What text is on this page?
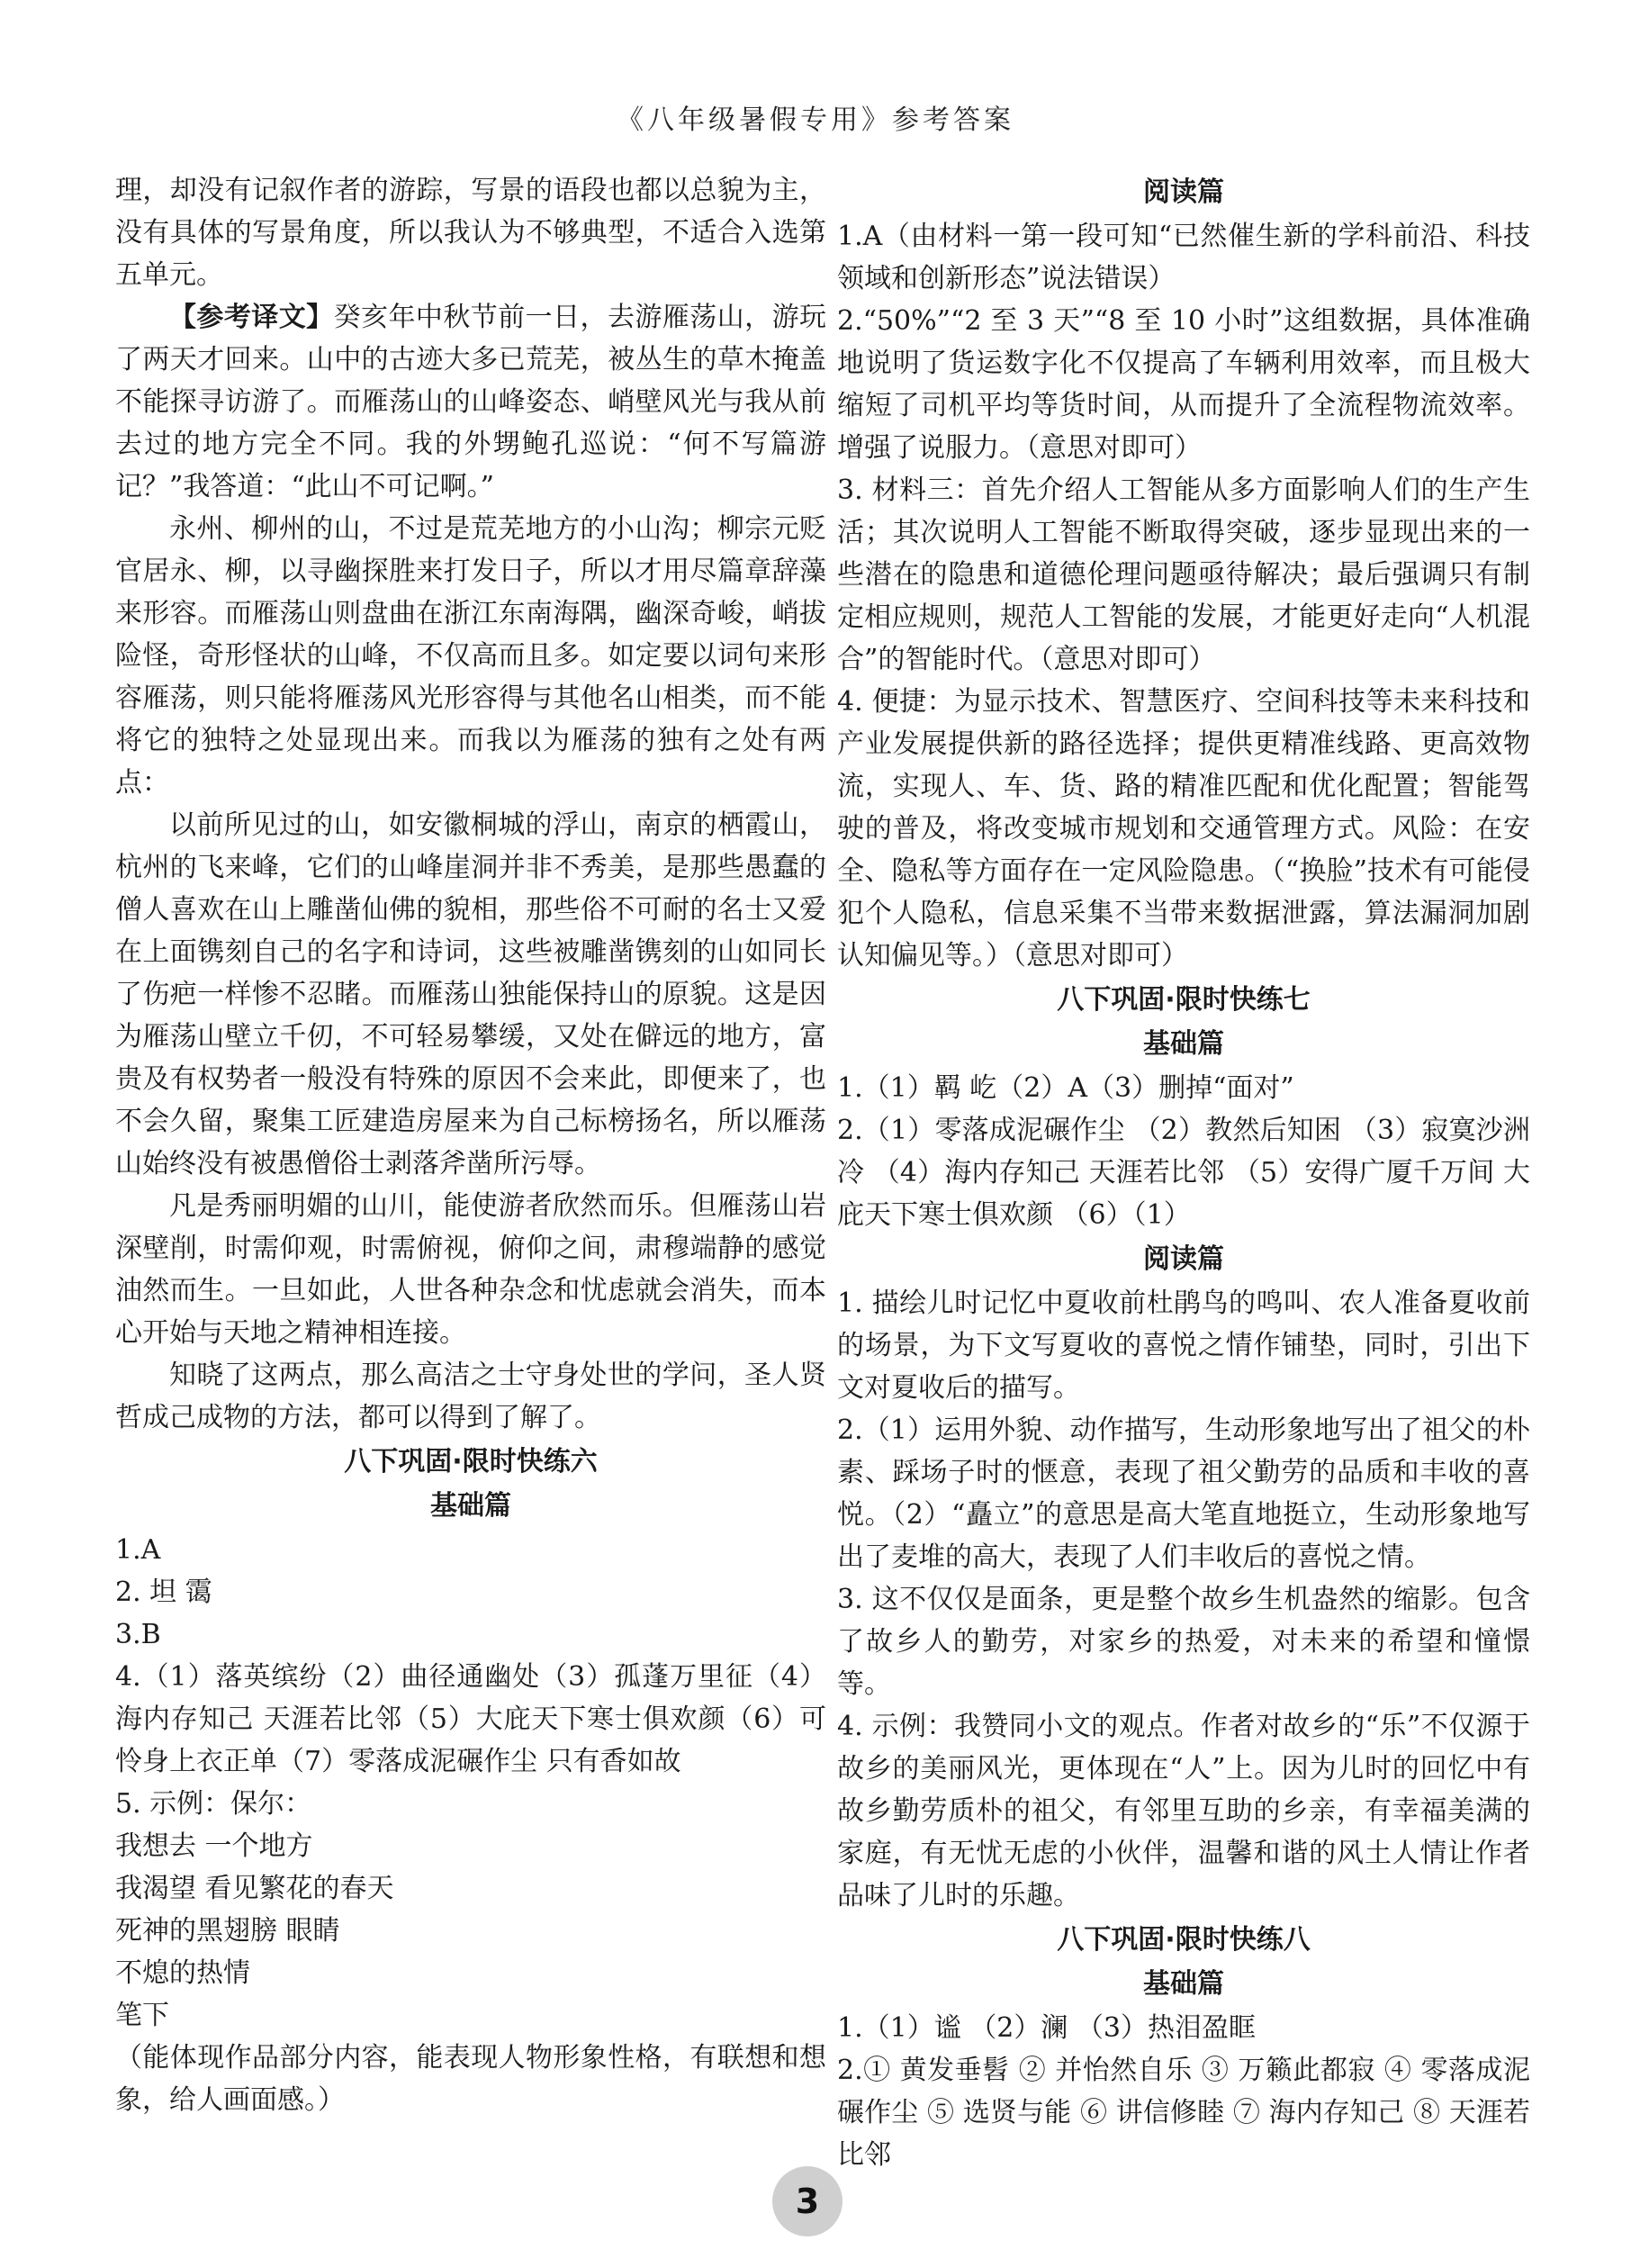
《八年级暑假专用》参考答案

理，却没有记叙作者的游踪，写景的语段也都以总貌为主，没有具体的写景角度，所以我认为不够典型，不适合入选第五单元。

【参考译文】癸亥年中秋节前一日，去游雁荡山，游玩了两天才回来。山中的古迹大多已荒芜，被丛生的草木掩盖不能探寻访游了。而雁荡山的山峰姿态、峭壁风光与我从前去过的地方完全不同。我的外甥鲍孔巡说：“何不写篇游记？”我答道：“此山不可记啊。”

永州、柳州的山，不过是荒芜地方的小山沟；柳宗元贬官居永、柳，以寻幽探胜来打发日子，所以才用尽篇章辞藻来形容。而雁荡山则盘曲在浙江东南海隅，幽深奇峻，峭拔险怪，奇形怪状的山峰，不仅高而且多。如定要以词句来形容雁荡，则只能将雁荡风光形容得与其他名山相类，而不能将它的独特之处显现出来。而我以为雁荡的独有之处有两点：

以前所见过的山，如安徽桐城的浮山，南京的栖霞山，杭州的飞来峰，它们的山峰崖洞并非不秀美，是那些愚蠢的僧人喜欢在山上雕凿仙佛的貌相，那些俗不可耐的名士又爱在上面镌刻自己的名字和诗词，这些被雕凿镌刻的山如同长了伤疤一样惨不忍睹。而雁荡山独能保持山的原貌。这是因为雁荡山壁立千仞，不可轻易攀缓，又处在僻远的地方，富贵及有权势者一般没有特殊的原因不会来此，即便来了，也不会久留，聚集工匠建造房屋来为自己标榜扬名，所以雁荡山始终没有被愚僧俗士剥落斧凿所污辱。

凡是秀丽明媚的山川，能使游者欣然而乐。但雁荡山岩深壁削，时需仰观，时需俯视，俯仰之间，肃穆端静的感觉油然而生。一旦如此，人世各种杂念和忧虑就会消失，而本心开始与天地之精神相连接。

知晓了这两点，那么高洁之士守身处世的学问，圣人贤哲成己成物的方法，都可以得到了解了。

八下巩固·限时快练六

基础篇

1.A

2. 坦 霭

3.B

4.（1）落英缤纷（2）曲径通幽处（3）孤蓬万里征（4）海内存知己 天涯若比邻（5）大庇天下寒士俱欢颜（6）可怜身上衣正单（7）零落成泥碾作尘 只有香如故

5. 示例：保尔：

我想去 一个地方

我渴望 看见繁花的春天

死神的黑翅膀 眼睛

不熄的热情

笔下

（能体现作品部分内容，能表现人物形象性格，有联想和想象，给人画面感。）

阅读篇

1.A（由材料一第一段可知“已然催生新的学科前沿、科技领域和创新形态”说法错误）

2.“50%”“2 至 3 天”“8 至 10 小时”这组数据，具体准确地说明了货运数字化不仅提高了车辆利用效率，而且极大缩短了司机平均等货时间，从而提升了全流程物流效率。增强了说服力。（意思对即可）

3. 材料三：首先介绍人工智能从多方面影响人们的生产生活；其次说明人工智能不断取得突破，逐步显现出来的一些潜在的隐患和道德伦理问题亟待解决；最后强调只有制定相应规则，规范人工智能的发展，才能更好走向“人机混合”的智能时代。（意思对即可）

4. 便捷：为显示技术、智慧医疗、空间科技等未来科技和产业发展提供新的路径选择；提供更精准线路、更高效物流，实现人、车、货、路的精准匹配和优化配置；智能驾驶的普及，将改变城市规划和交通管理方式。风险：在安全、隐私等方面存在一定风险隐患。（“换脸”技术有可能侵犯个人隐私，信息采集不当带来数据泄露，算法漏洞加剧认知偏见等。）（意思对即可）

八下巩固·限时快练七

基础篇

1.（1）羁 屹（2）A（3）删掉“面对”

2.（1）零落成泥碾作尘 （2）教然后知困 （3）寂寞沙洲冷 （4）海内存知己 天涯若比邻 （5）安得广厦千万间 大庇天下寒士俱欢颜 （6）（1）

阅读篇

1. 描绘儿时记忆中夏收前杜鹃鸟的鸣叫、农人准备夏收前的场景，为下文写夏收的喜悦之情作铺垫，同时，引出下文对夏收后的描写。

2.（1）运用外貌、动作描写，生动形象地写出了祖父的朴素、踩场子时的惬意，表现了祖父勤劳的品质和丰收的喜悦。（2）“矗立”的意思是高大笔直地挺立，生动形象地写出了麦堆的高大，表现了人们丰收后的喜悦之情。

3. 这不仅仅是面条，更是整个故乡生机盎然的缩影。包含了故乡人的勤劳，对家乡的热爱，对未来的希望和憧憬等。

4. 示例：我赞同小文的观点。作者对故乡的“乐”不仅源于故乡的美丽风光，更体现在“人”上。因为儿时的回忆中有故乡勤劳质朴的祖父，有邻里互助的乡亲，有幸福美满的家庭，有无忧无虑的小伙伴，温馨和谐的风土人情让作者品味了儿时的乐趣。

八下巩固·限时快练八

基础篇

1.（1）谧 （2）澜 （3）热泪盈眶

2.① 黄发垂髫 ② 并怡然自乐 ③ 万籁此都寂 ④ 零落成泥碾作尘 ⑤ 选贤与能 ⑥ 讲信修睦 ⑦ 海内存知己 ⑧ 天涯若比邻

3
